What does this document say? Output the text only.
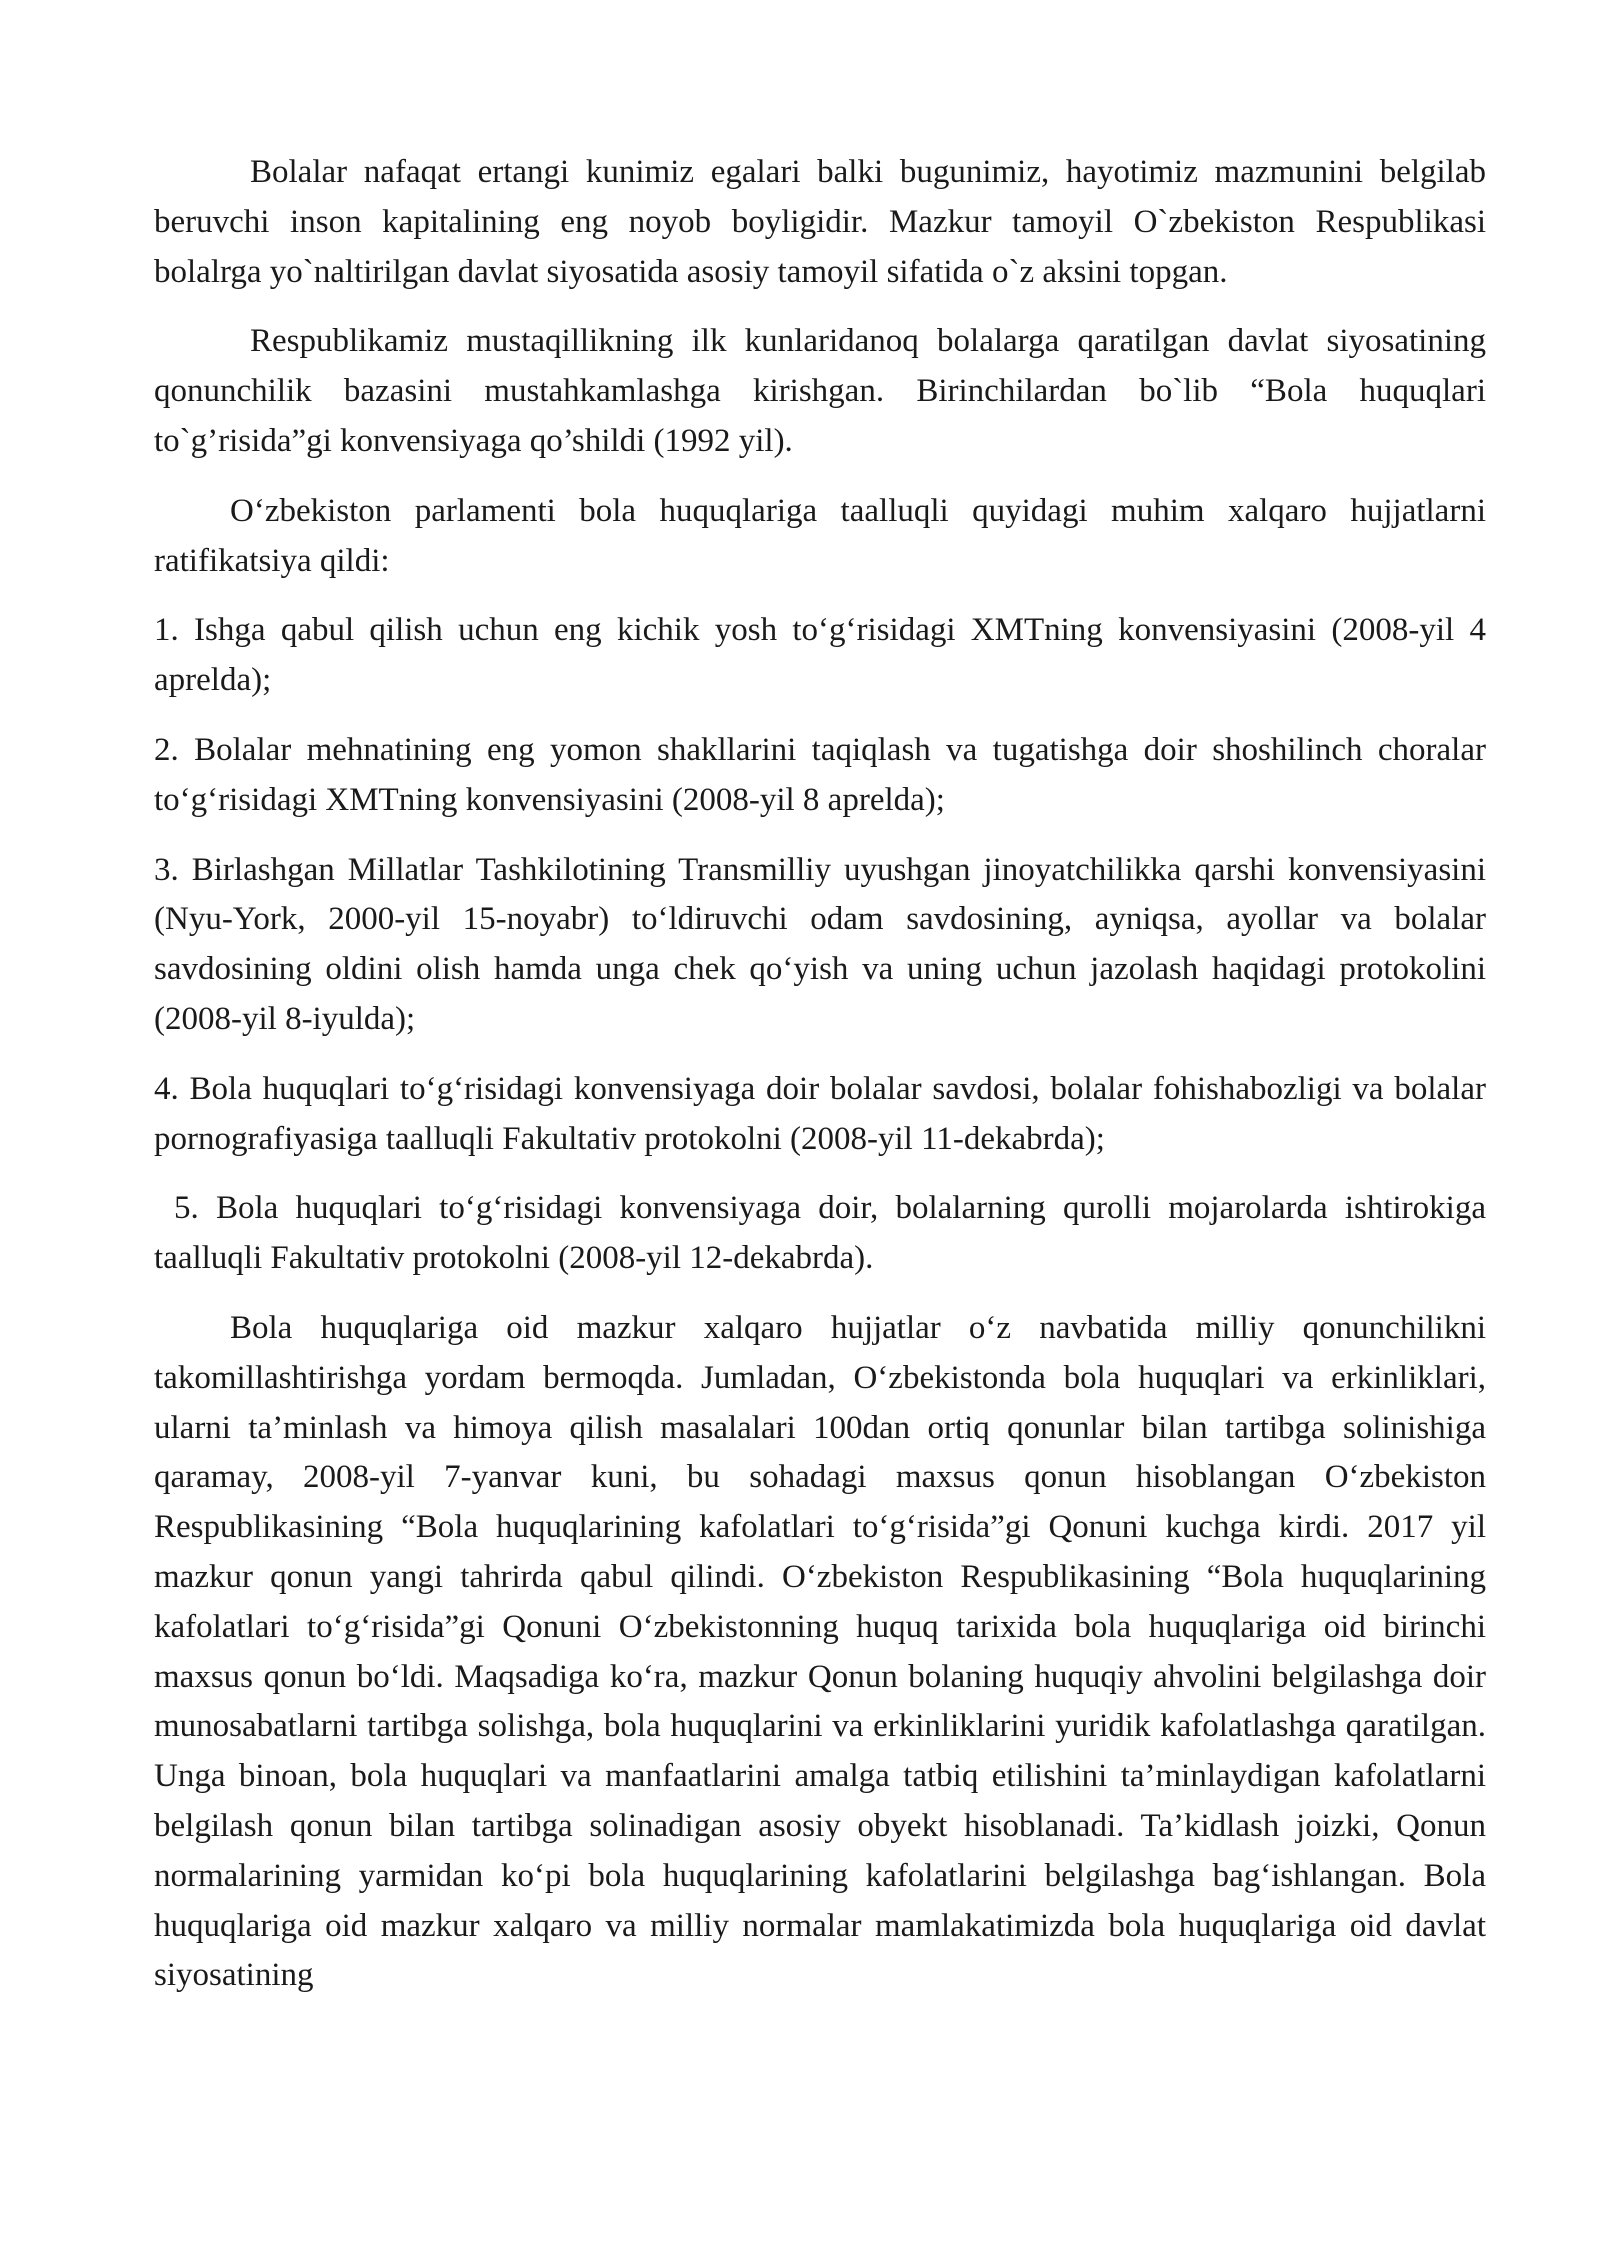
Bolalar nafaqat ertangi kunimiz egalari balki bugunimiz, hayotimiz mazmunini belgilab beruvchi inson kapitalining eng noyob boyligidir. Mazkur tamoyil O`zbekiston Respublikasi bolalrga yo`naltirilgan davlat siyosatida asosiy tamoyil sifatida o`z aksini topgan.

Respublikamiz mustaqillikning ilk kunlaridanoq bolalarga qaratilgan davlat siyosatining qonunchilik bazasini mustahkamlashga kirishgan. Birinchilardan bo`lib “Bola huquqlari to`g’risida”gi konvensiyaga qo’shildi (1992 yil).

O‘zbekiston parlamenti bola huquqlariga taalluqli quyidagi muhim xalqaro hujjatlarni ratifikatsiya qildi:

1. Ishga qabul qilish uchun eng kichik yosh to‘g‘risidagi XMTning konvensiyasini (2008-yil 4 aprelda);

2. Bolalar mehnatining eng yomon shakllarini taqiqlash va tugatishga doir shoshilinch choralar to‘g‘risidagi XMTning konvensiyasini (2008-yil 8 aprelda);

3. Birlashgan Millatlar Tashkilotining Transmilliy uyushgan jinoyatchilikka qarshi konvensiyasini (Nyu-York, 2000-yil 15-noyabr) to‘ldiruvchi odam savdosining, ayniqsa, ayollar va bolalar savdosining oldini olish hamda unga chek qo‘yish va uning uchun jazolash haqidagi protokolini (2008-yil 8-iyulda);

4. Bola huquqlari to‘g‘risidagi konvensiyaga doir bolalar savdosi, bolalar fohishabozligi va bolalar pornografiyasiga taalluqli Fakultativ protokolni (2008-yil 11-dekabrda);

5. Bola huquqlari to‘g‘risidagi konvensiyaga doir, bolalarning qurolli mojarolarda ishtirokiga taalluqli Fakultativ protokolni (2008-yil 12-dekabrda).

Bola huquqlariga oid mazkur xalqaro hujjatlar o‘z navbatida milliy qonunchilikni takomillashtirishga yordam bermoqda. Jumladan, O‘zbekistonda bola huquqlari va erkinliklari, ularni ta’minlash va himoya qilish masalalari 100dan ortiq qonunlar bilan tartibga solinishiga qaramay, 2008-yil 7-yanvar kuni, bu sohadagi maxsus qonun hisoblangan O‘zbekiston Respublikasining “Bola huquqlarining kafolatlari to‘g‘risida”gi Qonuni kuchga kirdi. 2017 yil mazkur qonun yangi tahrirda qabul qilindi. O‘zbekiston Respublikasining “Bola huquqlarining kafolatlari to‘g‘risida”gi Qonuni O‘zbekistonning huquq tarixida bola huquqlariga oid birinchi maxsus qonun bo‘ldi. Maqsadiga ko‘ra, mazkur Qonun bolaning huquqiy ahvolini belgilashga doir munosabatlarni tartibga solishga, bola huquqlarini va erkinliklarini yuridik kafolatlashga qaratilgan. Unga binoan, bola huquqlari va manfaatlarini amalga tatbiq etilishini ta’minlaydigan kafolatlarni belgilash qonun bilan tartibga solinadigan asosiy obyekt hisoblanadi. Ta’kidlash joizki, Qonun normalarining yarmidan ko‘pi bola huquqlarining kafolatlarini belgilashga bag‘ishlangan. Bola huquqlariga oid mazkur xalqaro va milliy normalar mamlakatimizda bola huquqlariga oid davlat siyosatining
